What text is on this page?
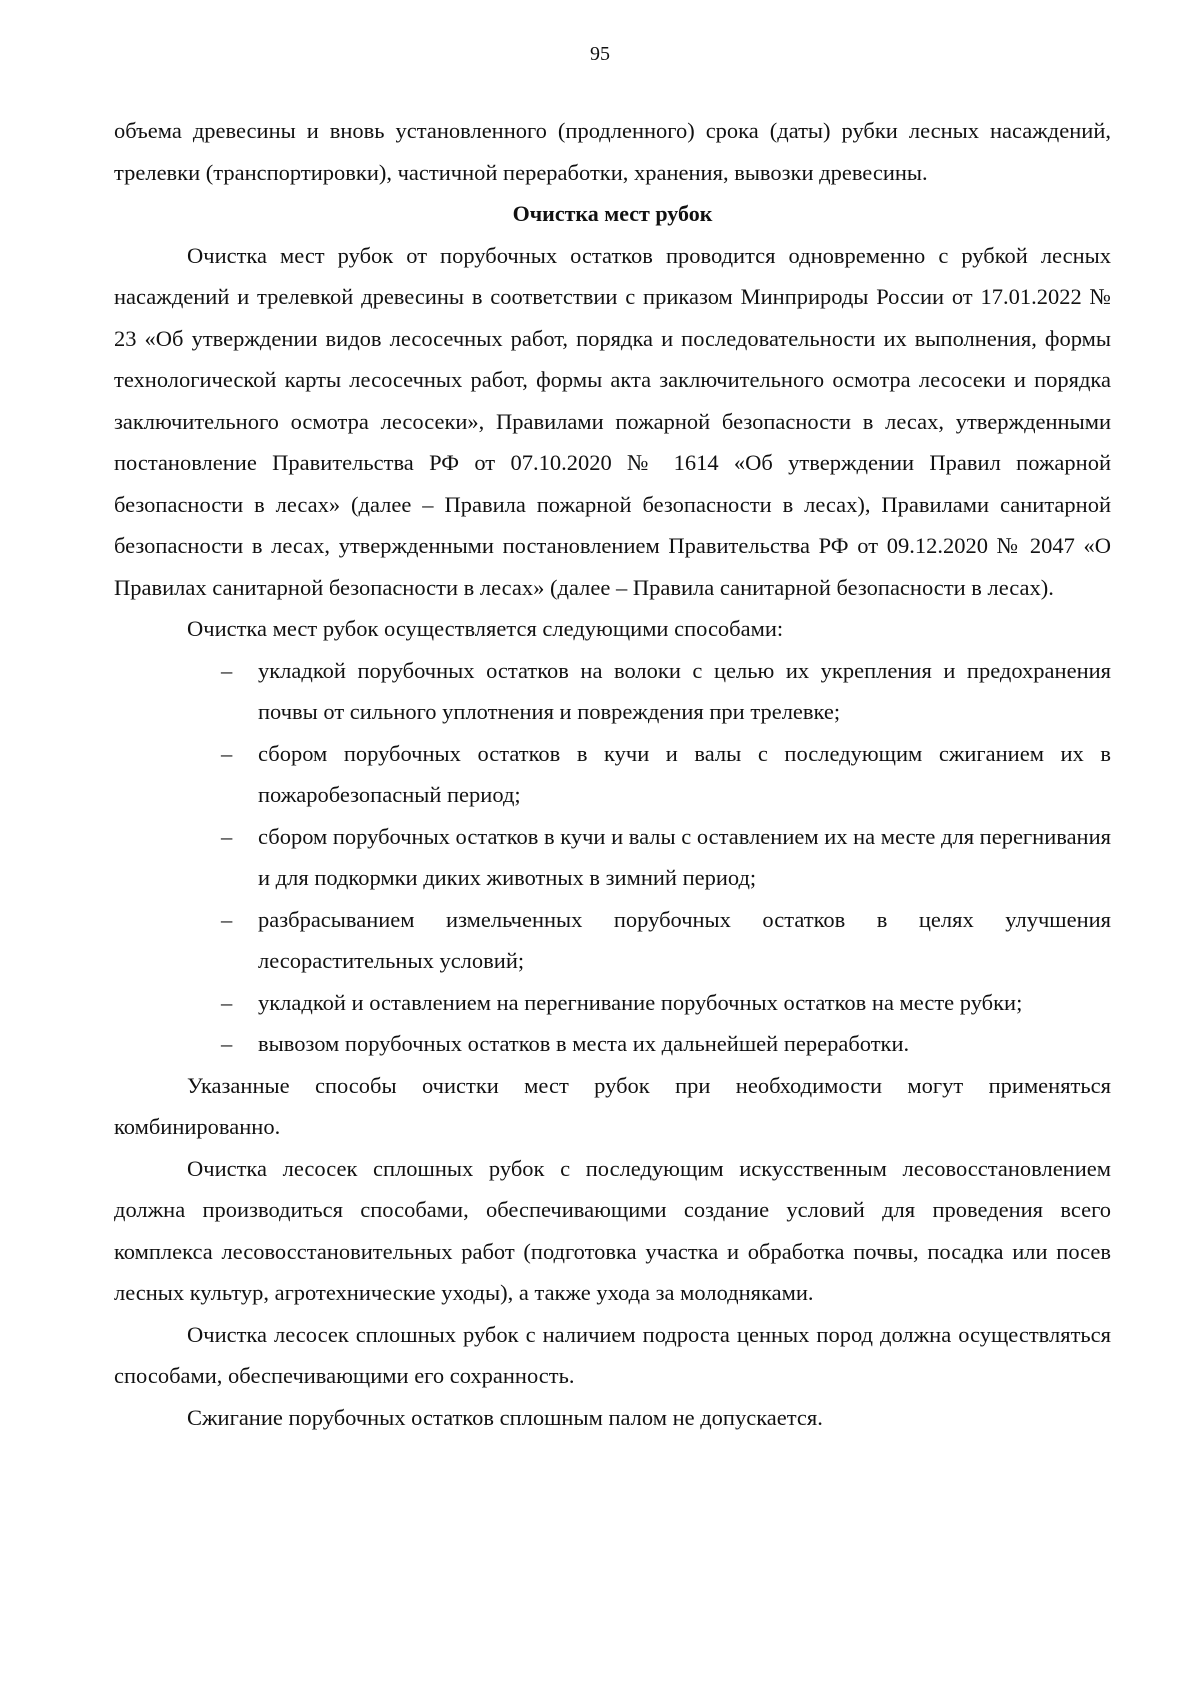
95

объема древесины и вновь установленного (продленного) срока (даты) рубки лесных насаждений, трелевки (транспортировки), частичной переработки, хранения, вывозки древесины.

Очистка мест рубок

Очистка мест рубок от порубочных остатков проводится одновременно с рубкой лесных насаждений и трелевкой древесины в соответствии с приказом Минприроды России от 17.01.2022 № 23 «Об утверждении видов лесосечных работ, порядка и последовательности их выполнения, формы технологической карты лесосечных работ, формы акта заключительного осмотра лесосеки и порядка заключительного осмотра лесосеки», Правилами пожарной безопасности в лесах, утвержденными постановление Правительства РФ от 07.10.2020 № 1614 «Об утверждении Правил пожарной безопасности в лесах» (далее – Правила пожарной безопасности в лесах), Правилами санитарной безопасности в лесах, утвержденными постановлением Правительства РФ от 09.12.2020 № 2047 «О Правилах санитарной безопасности в лесах» (далее – Правила санитарной безопасности в лесах).

Очистка мест рубок осуществляется следующими способами:

– укладкой порубочных остатков на волоки с целью их укрепления и предохранения почвы от сильного уплотнения и повреждения при трелевке;
– сбором порубочных остатков в кучи и валы с последующим сжиганием их в пожаробезопасный период;
– сбором порубочных остатков в кучи и валы с оставлением их на месте для перегнивания и для подкормки диких животных в зимний период;
– разбрасыванием измельченных порубочных остатков в целях улучшения лесорастительных условий;
– укладкой и оставлением на перегнивание порубочных остатков на месте рубки;
– вывозом порубочных остатков в места их дальнейшей переработки.

Указанные способы очистки мест рубок при необходимости могут применяться комбинированно.

Очистка лесосек сплошных рубок с последующим искусственным лесовосстановлением должна производиться способами, обеспечивающими создание условий для проведения всего комплекса лесовосстановительных работ (подготовка участка и обработка почвы, посадка или посев лесных культур, агротехнические уходы), а также ухода за молодняками.

Очистка лесосек сплошных рубок с наличием подроста ценных пород должна осуществляться способами, обеспечивающими его сохранность.

Сжигание порубочных остатков сплошным палом не допускается.
